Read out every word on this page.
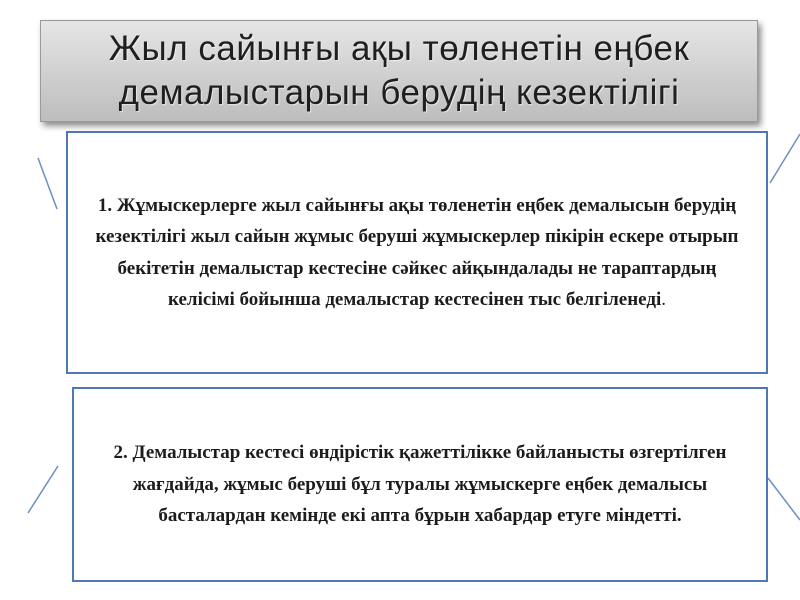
Жыл сайынғы ақы төленетін еңбек демалыстарын берудің кезектілігі
1. Жұмыскерлерге жыл сайынғы ақы төленетін еңбек демалысын берудің кезектілігі жыл сайын жұмыс беруші жұмыскерлер пікірін ескере отырып бекітетін демалыстар кестесіне сәйкес айқындалады не тараптардың келісімі бойынша демалыстар кестесінен тыс белгіленеді.
2. Демалыстар кестесі өндірістік қажеттілікке байланысты өзгертілген жағдайда, жұмыс беруші бұл туралы жұмыскерге еңбек демалысы басталардан кемінде екі апта бұрын хабардар етуге міндетті.
